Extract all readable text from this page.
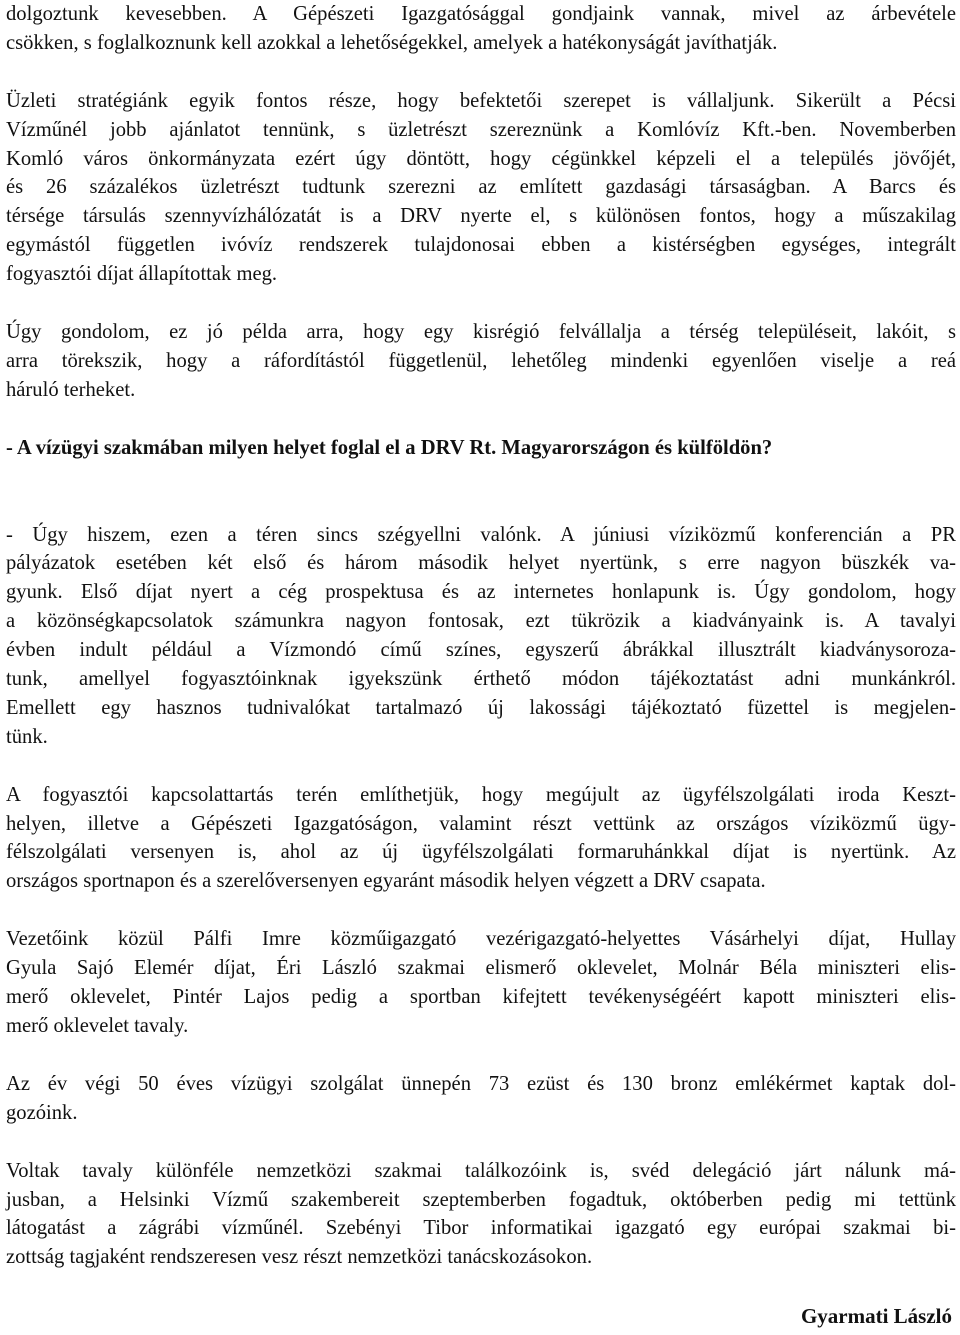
dolgoztunk kevesebben. A Gépészeti Igazgatósággal gondjaink vannak, mivel az árbevétele
csökken, s foglalkoznunk kell azokkal a lehetőségekkel, amelyek a hatékonyságát javíthatják.
Üzleti stratégiánk egyik fontos része, hogy befektetői szerepet is vállaljunk. Sikerült a Pécsi
Vízműnél jobb ajánlatot tennünk, s üzletrészt szereznünk a Komlóvíz Kft.-ben. Novemberben
Komló város önkormányzata ezért úgy döntött, hogy cégünkkel képzeli el a település jövőjét,
és 26 százalékos üzletrészt tudtunk szerezni az említett gazdasági társaságban. A Barcs és
térsége társulás szennyvízhálózatát is a DRV nyerte el, s különösen fontos, hogy a műszakilag
egymástól független ivóvíz rendszerek tulajdonosai ebben a kistérségben egységes, integrált
fogyasztói díjat állapítottak meg.
Úgy gondolom, ez jó példa arra, hogy egy kisrégió felvállalja a térség településeit, lakóit, s
arra törekszik, hogy a ráfordítástól függetlenül, lehetőleg mindenki egyenlően viselje a reá
háruló terheket.
- A vízügyi szakmában milyen helyet foglal el a DRV Rt. Magyarországon és külföldön?
- Úgy hiszem, ezen a téren sincs szégyellni valónk. A júniusi víziközmű konferencián a PR
pályázatok esetében két első és három második helyet nyertünk, s erre nagyon büszkék va-
gyunk. Első díjat nyert a cég prospektusa és az internetes honlapunk is. Úgy gondolom, hogy
a közönségkapcsolatok számunkra nagyon fontosak, ezt tükrözik a kiadványaink is. A tavalyi
évben indult például a Vízmondó című színes, egyszerű ábrákkal illusztrált kiadványsoroza-
tunk, amellyel fogyasztóinknak igyekszünk érthető módon tájékoztatást adni munkánkról.
Emellett egy hasznos tudnivalókat tartalmazó új lakossági tájékoztató füzettel is megjelen-
tünk.
A fogyasztói kapcsolattartás terén említhetjük, hogy megújult az ügyfélszolgálati iroda Keszt-
helyen, illetve a Gépészeti Igazgatóságon, valamint részt vettünk az országos víziközmű ügy-
félszolgálati versenyen is, ahol az új ügyfélszolgálati formaruhánkkal díjat is nyertünk. Az
országos sportnapon és a szerelőversenyen egyaránt második helyen végzett a DRV csapata.
Vezetőink közül Pálfi Imre közműigazgató vezérigazgató-helyettes Vásárhelyi díjat, Hullay
Gyula Sajó Elemér díjat, Éri László szakmai elismerő oklevelet, Molnár Béla miniszteri elis-
merő oklevelet, Pintér Lajos pedig a sportban kifejtett tevékenységéért kapott miniszteri elis-
merő oklevelet tavaly.
Az év végi 50 éves vízügyi szolgálat ünnepén 73 ezüst és 130 bronz emlékérmet kaptak dol-
gozóink.
Voltak tavaly különféle nemzetközi szakmai találkozóink is, svéd delegáció járt nálunk má-
jusban, a Helsinki Vízmű szakembereit szeptemberben fogadtuk, októberben pedig mi tettünk
látogatást a zágrábi vízműnél. Szebényi Tibor informatikai igazgató egy európai szakmai bi-
zottság tagjaként rendszeresen vesz részt nemzetközi tanácskozásokon.
Gyarmati László
